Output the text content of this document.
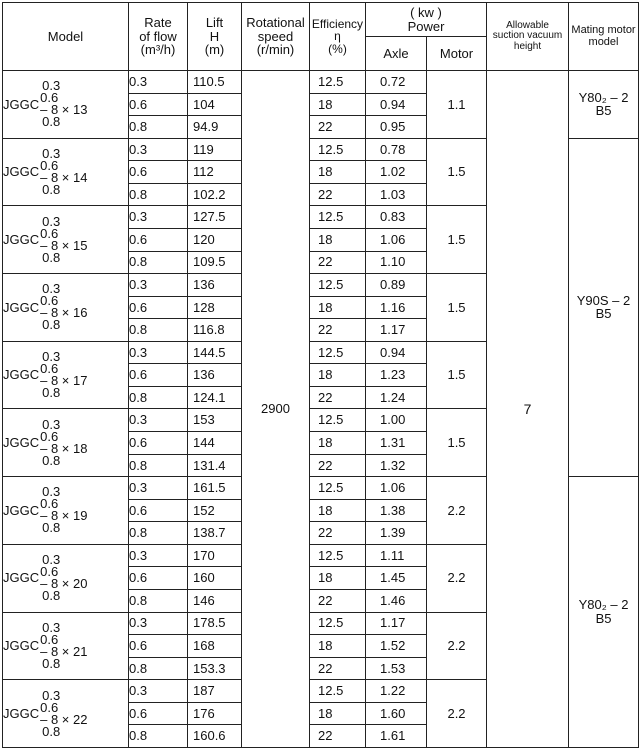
Model	Rate
of flow
(m³/h)	Lift
H
(m)	Rotational
speed
(r/min)	Efficiency
η
(%)	( kw )
Power		Allowable
suction vacuum
height	Mating motor
model

					Axle	Motor		

JGGC
0.3
0.6
– 8 × 13
0.8	0.3	110.5	2900	12.5	0.72	1.1	7	Y80₂ – 2
B5

	0.6	104		18	0.94			
	0.8	94.9		22	0.95			

JGGC
0.3
0.6
– 8 × 14
0.8	0.3	119		12.5	0.78	1.5		Y90S – 2
B5

	0.6	112		18	1.02			
	0.8	102.2		22	1.03			

JGGC
0.3
0.6
– 8 × 15
0.8	0.3	127.5		12.5	0.83	1.5		
	0.6	120		18	1.06			
	0.8	109.5		22	1.10			

JGGC
0.3
0.6
– 8 × 16
0.8	0.3	136		12.5	0.89	1.5		
	0.6	128		18	1.16			
	0.8	116.8		22	1.17			

JGGC
0.3
0.6
– 8 × 17
0.8	0.3	144.5		12.5	0.94	1.5		
	0.6	136		18	1.23			
	0.8	124.1		22	1.24			

JGGC
0.3
0.6
– 8 × 18
0.8	0.3	153		12.5	1.00	1.5		
	0.6	144		18	1.31			
	0.8	131.4		22	1.32			

JGGC
0.3
0.6
– 8 × 19
0.8	0.3	161.5		12.5	1.06	2.2		Y80₂ – 2
B5

	0.6	152		18	1.38			
	0.8	138.7		22	1.39			

JGGC
0.3
0.6
– 8 × 20
0.8	0.3	170		12.5	1.11	2.2		
	0.6	160		18	1.45			
	0.8	146		22	1.46			

JGGC
0.3
0.6
– 8 × 21
0.8	0.3	178.5		12.5	1.17	2.2		
	0.6	168		18	1.52			
	0.8	153.3		22	1.53			

JGGC
0.3
0.6
– 8 × 22
0.8	0.3	187		12.5	1.22	2.2		
	0.6	176		18	1.60			
	0.8	160.6		22	1.61			
